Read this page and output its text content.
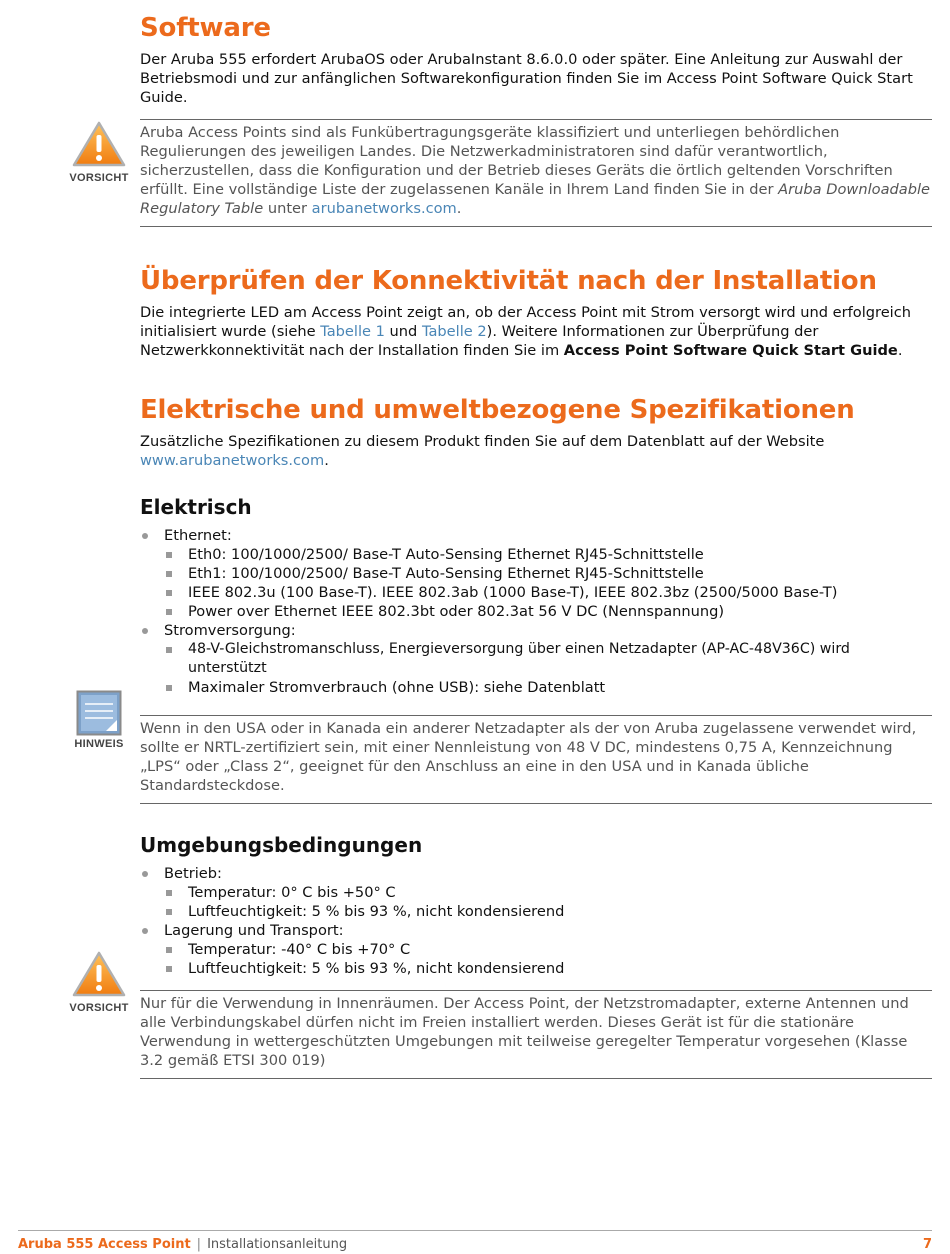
VORSICHT
HINWEIS
VORSICHT
Software

Der Aruba 555 erfordert ArubaOS oder ArubaInstant 8.6.0.0 oder später. Eine Anleitung zur Auswahl der Betriebsmodi und zur anfänglichen Softwarekonfiguration finden Sie im Access Point Software Quick Start Guide.

Aruba Access Points sind als Funkübertragungsgeräte klassifiziert und unterliegen behördlichen Regulierungen des jeweiligen Landes. Die Netzwerkadministratoren sind dafür verantwortlich, sicherzustellen, dass die Konfiguration und der Betrieb dieses Geräts die örtlich geltenden Vorschriften erfüllt. Eine vollständige Liste der zugelassenen Kanäle in Ihrem Land finden Sie in der Aruba Downloadable Regulatory Table unter arubanetworks.com.
Überprüfen der Konnektivität nach der Installation

Die integrierte LED am Access Point zeigt an, ob der Access Point mit Strom versorgt wird und erfolgreich initialisiert wurde (siehe Tabelle 1 und Tabelle 2). Weitere Informationen zur Überprüfung der Netzwerkkonnektivität nach der Installation finden Sie im Access Point Software Quick Start Guide.

Elektrische und umweltbezogene Spezifikationen

Zusätzliche Spezifikationen zu diesem Produkt finden Sie auf dem Datenblatt auf der Website www.arubanetworks.com.

Elektrisch
Ethernet:
Eth0: 100/1000/2500/ Base-T Auto-Sensing Ethernet RJ45-Schnittstelle
Eth1: 100/1000/2500/ Base-T Auto-Sensing Ethernet RJ45-Schnittstelle
IEEE 802.3u (100 Base-T). IEEE 802.3ab (1000 Base-T), IEEE 802.3bz (2500/5000 Base-T)
Power over Ethernet IEEE 802.3bt oder 802.3at 56 V DC (Nennspannung)
Stromversorgung:
48-V-Gleichstromanschluss, Energieversorgung über einen Netzadapter (AP-AC-48V36C) wird unterstützt
Maximaler Stromverbrauch (ohne USB): siehe Datenblatt
Wenn in den USA oder in Kanada ein anderer Netzadapter als der von Aruba zugelassene verwendet wird, sollte er NRTL-zertifiziert sein, mit einer Nennleistung von 48 V DC, mindestens 0,75 A, Kennzeichnung „LPS“ oder „Class 2“, geeignet für den Anschluss an eine in den USA und in Kanada übliche Standardsteckdose.
Umgebungsbedingungen
Betrieb:
Temperatur: 0° C bis +50° C
Luftfeuchtigkeit: 5 % bis 93 %, nicht kondensierend
Lagerung und Transport:
Temperatur: -40° C bis +70° C
Luftfeuchtigkeit: 5 % bis 93 %, nicht kondensierend
Nur für die Verwendung in Innenräumen. Der Access Point, der Netzstromadapter, externe Antennen und alle Verbindungskabel dürfen nicht im Freien installiert werden. Dieses Gerät ist für die stationäre Verwendung in wettergeschützten Umgebungen mit teilweise geregelter Temperatur vorgesehen (Klasse 3.2 gemäß ETSI 300 019)
Aruba 555 Access Point | Installationsanleitung	7
